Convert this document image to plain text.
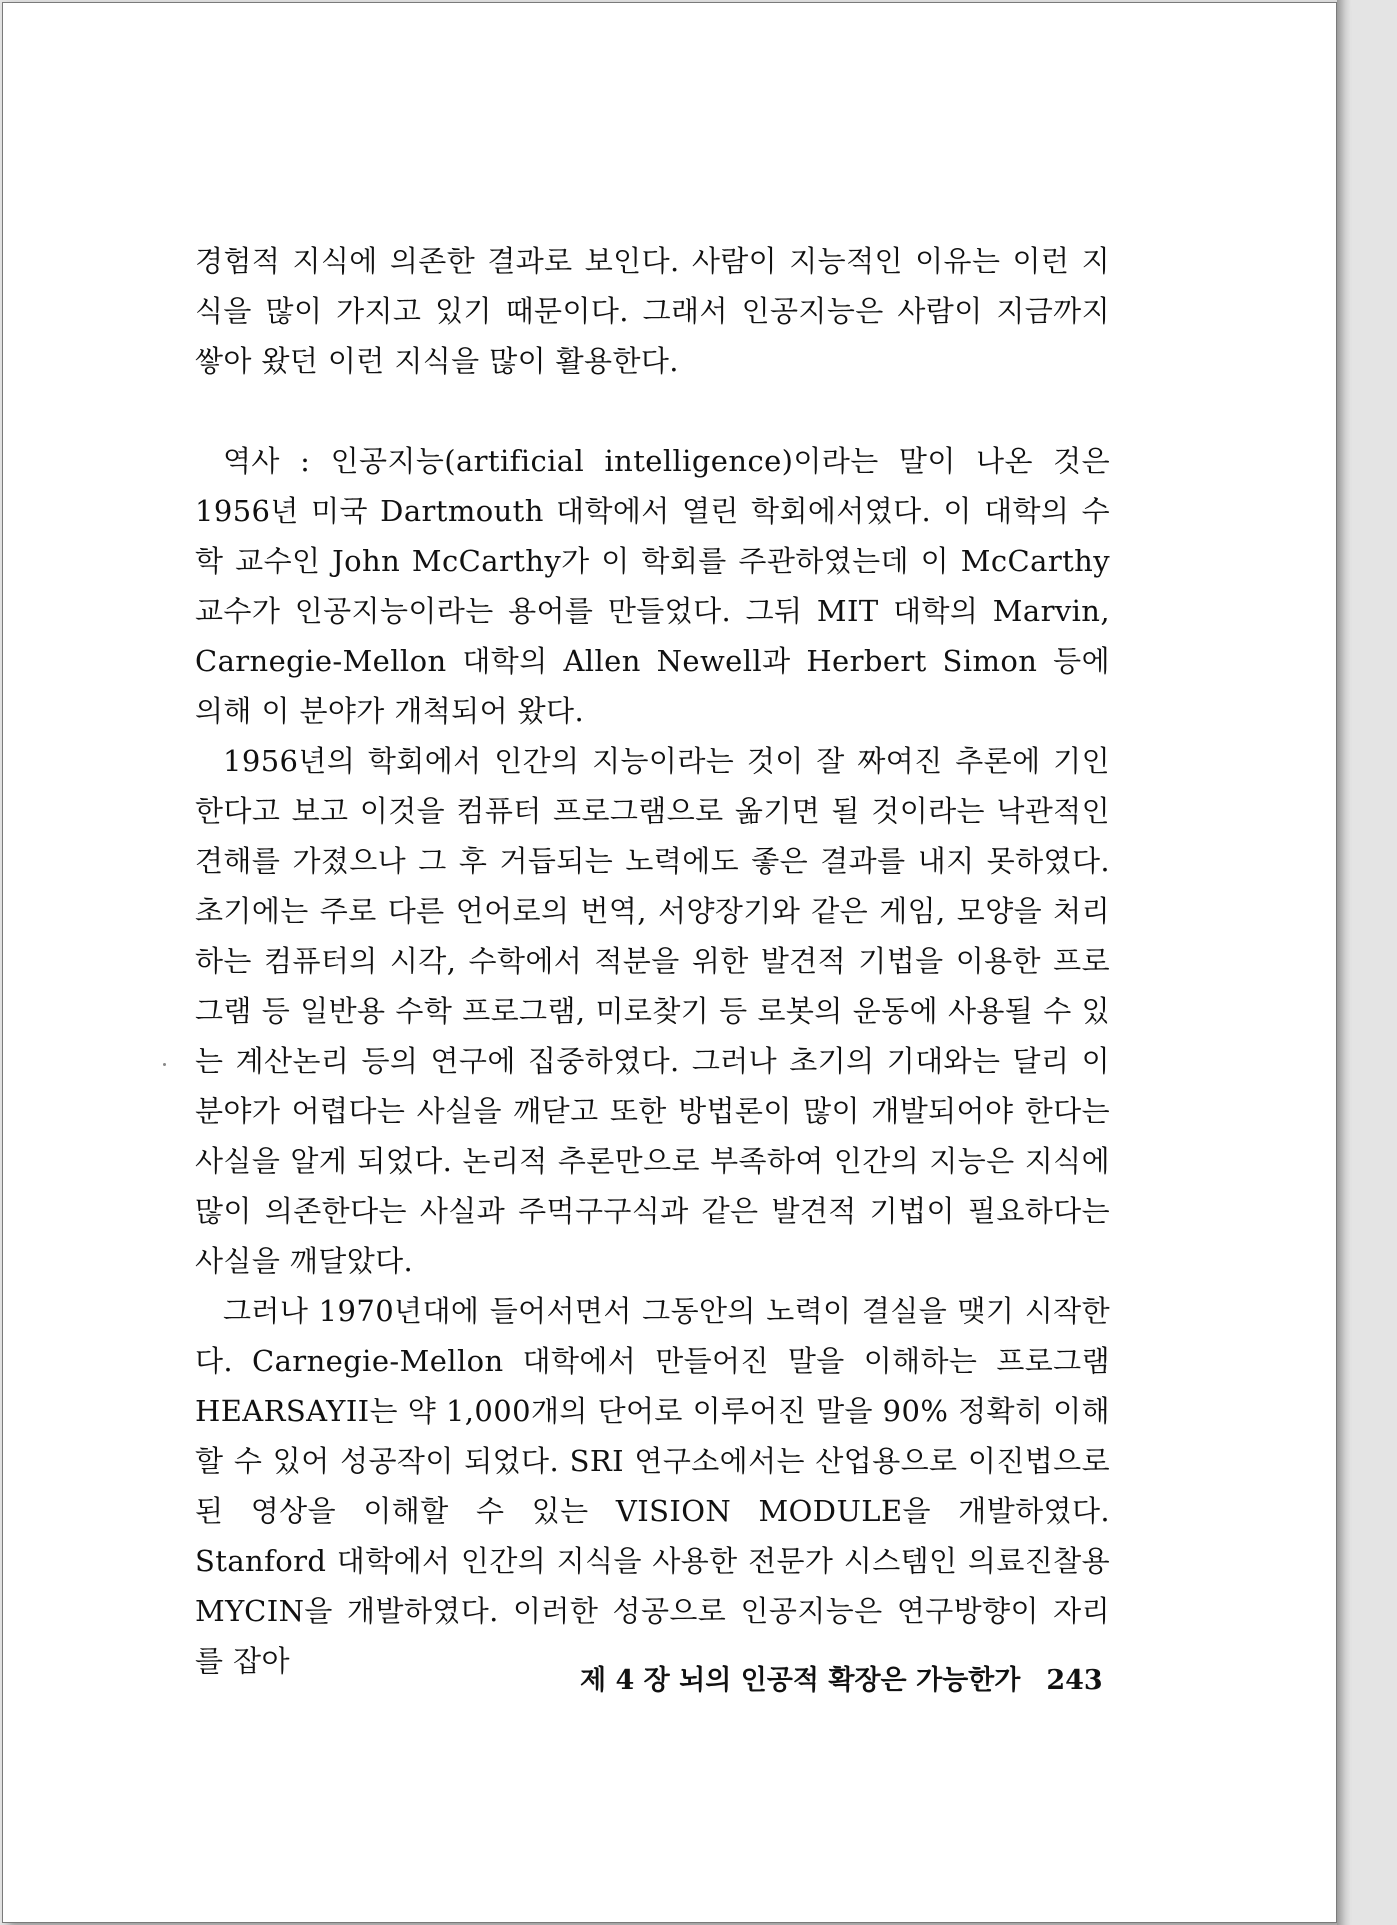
경험적 지식에 의존한 결과로 보인다. 사람이 지능적인 이유는 이런 지식을 많이 가지고 있기 때문이다. 그래서 인공지능은 사람이 지금까지 쌓아 왔던 이런 지식을 많이 활용한다.

역사 : 인공지능(artificial intelligence)이라는 말이 나온 것은 1956년 미국 Dartmouth 대학에서 열린 학회에서였다. 이 대학의 수학 교수인 John McCarthy가 이 학회를 주관하였는데 이 McCarthy 교수가 인공지능이라는 용어를 만들었다. 그뒤 MIT 대학의 Marvin, Carnegie-Mellon 대학의 Allen Newell과 Herbert Simon 등에 의해 이 분야가 개척되어 왔다.

1956년의 학회에서 인간의 지능이라는 것이 잘 짜여진 추론에 기인한다고 보고 이것을 컴퓨터 프로그램으로 옮기면 될 것이라는 낙관적인 견해를 가졌으나 그 후 거듭되는 노력에도 좋은 결과를 내지 못하였다. 초기에는 주로 다른 언어로의 번역, 서양장기와 같은 게임, 모양을 처리하는 컴퓨터의 시각, 수학에서 적분을 위한 발견적 기법을 이용한 프로그램 등 일반용 수학 프로그램, 미로찾기 등 로봇의 운동에 사용될 수 있는 계산논리 등의 연구에 집중하였다. 그러나 초기의 기대와는 달리 이 분야가 어렵다는 사실을 깨닫고 또한 방법론이 많이 개발되어야 한다는 사실을 알게 되었다. 논리적 추론만으로 부족하여 인간의 지능은 지식에 많이 의존한다는 사실과 주먹구구식과 같은 발견적 기법이 필요하다는 사실을 깨달았다.

그러나 1970년대에 들어서면서 그동안의 노력이 결실을 맺기 시작한다. Carnegie-Mellon 대학에서 만들어진 말을 이해하는 프로그램 HEARSAYII는 약 1,000개의 단어로 이루어진 말을 90% 정확히 이해할 수 있어 성공작이 되었다. SRI 연구소에서는 산업용으로 이진법으로 된 영상을 이해할 수 있는 VISION MODULE을 개발하였다. Stanford 대학에서 인간의 지식을 사용한 전문가 시스템인 의료진찰용 MYCIN을 개발하였다. 이러한 성공으로 인공지능은 연구방향이 자리를 잡아

제 4 장 뇌의 인공적 확장은 가능한가 243
